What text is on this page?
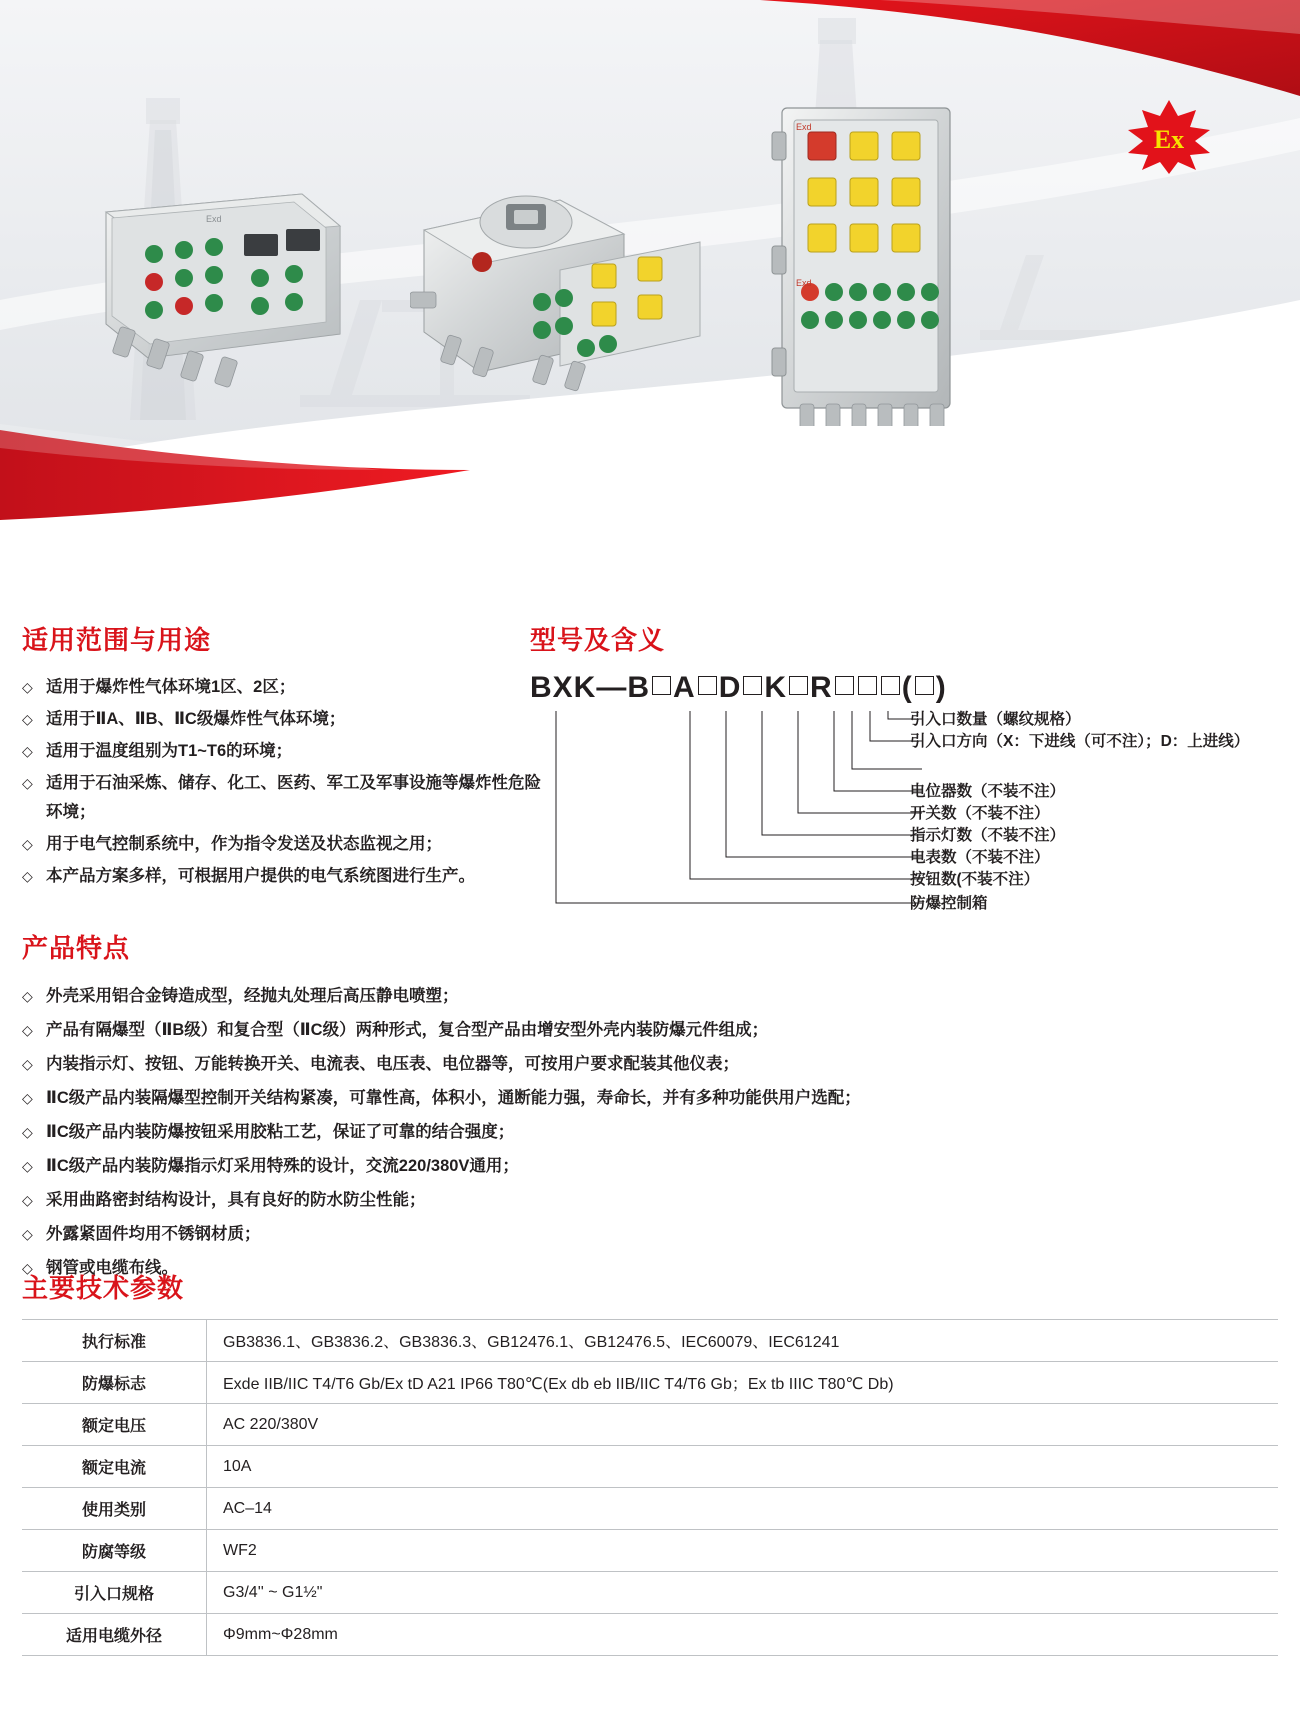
Exd
Exd
Exd
Ex
适用范围与用途
◇ 适用于爆炸性气体环境1区、2区；
◇ 适用于ⅡA、ⅡB、ⅡC级爆炸性气体环境；
◇ 适用于温度组别为T1~T6的环境；
◇ 适用于石油采炼、储存、化工、医药、军工及军事设施等爆炸性危险环境；
◇ 用于电气控制系统中，作为指令发送及状态监视之用；
◇ 本产品方案多样，可根据用户提供的电气系统图进行生产。
型号及含义
BXK—B A D K R ( )
引入口数量（螺纹规格）
引入口方向（X：下进线（可不注）；D：上进线）
电位器数（不装不注）
开关数（不装不注）
指示灯数（不装不注）
电表数（不装不注）
按钮数(不装不注）
防爆控制箱
产品特点
◇ 外壳采用铝合金铸造成型，经抛丸处理后高压静电喷塑；
◇ 产品有隔爆型（ⅡB级）和复合型（ⅡC级）两种形式，复合型产品由增安型外壳内装防爆元件组成；
◇ 内装指示灯、按钮、万能转换开关、电流表、电压表、电位器等，可按用户要求配装其他仪表；
◇ ⅡC级产品内装隔爆型控制开关结构紧凑，可靠性高，体积小，通断能力强，寿命长，并有多种功能供用户选配；
◇ ⅡC级产品内装防爆按钮采用胶粘工艺，保证了可靠的结合强度；
◇ ⅡC级产品内装防爆指示灯采用特殊的设计，交流220/380V通用；
◇ 采用曲路密封结构设计，具有良好的防水防尘性能；
◇ 外露紧固件均用不锈钢材质；
◇ 钢管或电缆布线。
主要技术参数
执行标准	GB3836.1、GB3836.2、GB3836.3、GB12476.1、GB12476.5、IEC60079、IEC61241
防爆标志	Exde IIB/IIC T4/T6 Gb/Ex tD A21 IP66 T80℃(Ex db eb IIB/IIC T4/T6 Gb；Ex tb IIIC T80℃ Db)
额定电压	AC 220/380V
额定电流	10A
使用类别	AC–14
防腐等级	WF2
引入口规格	G3/4'' ~ G1½"
适用电缆外径	Φ9mm~Φ28mm
